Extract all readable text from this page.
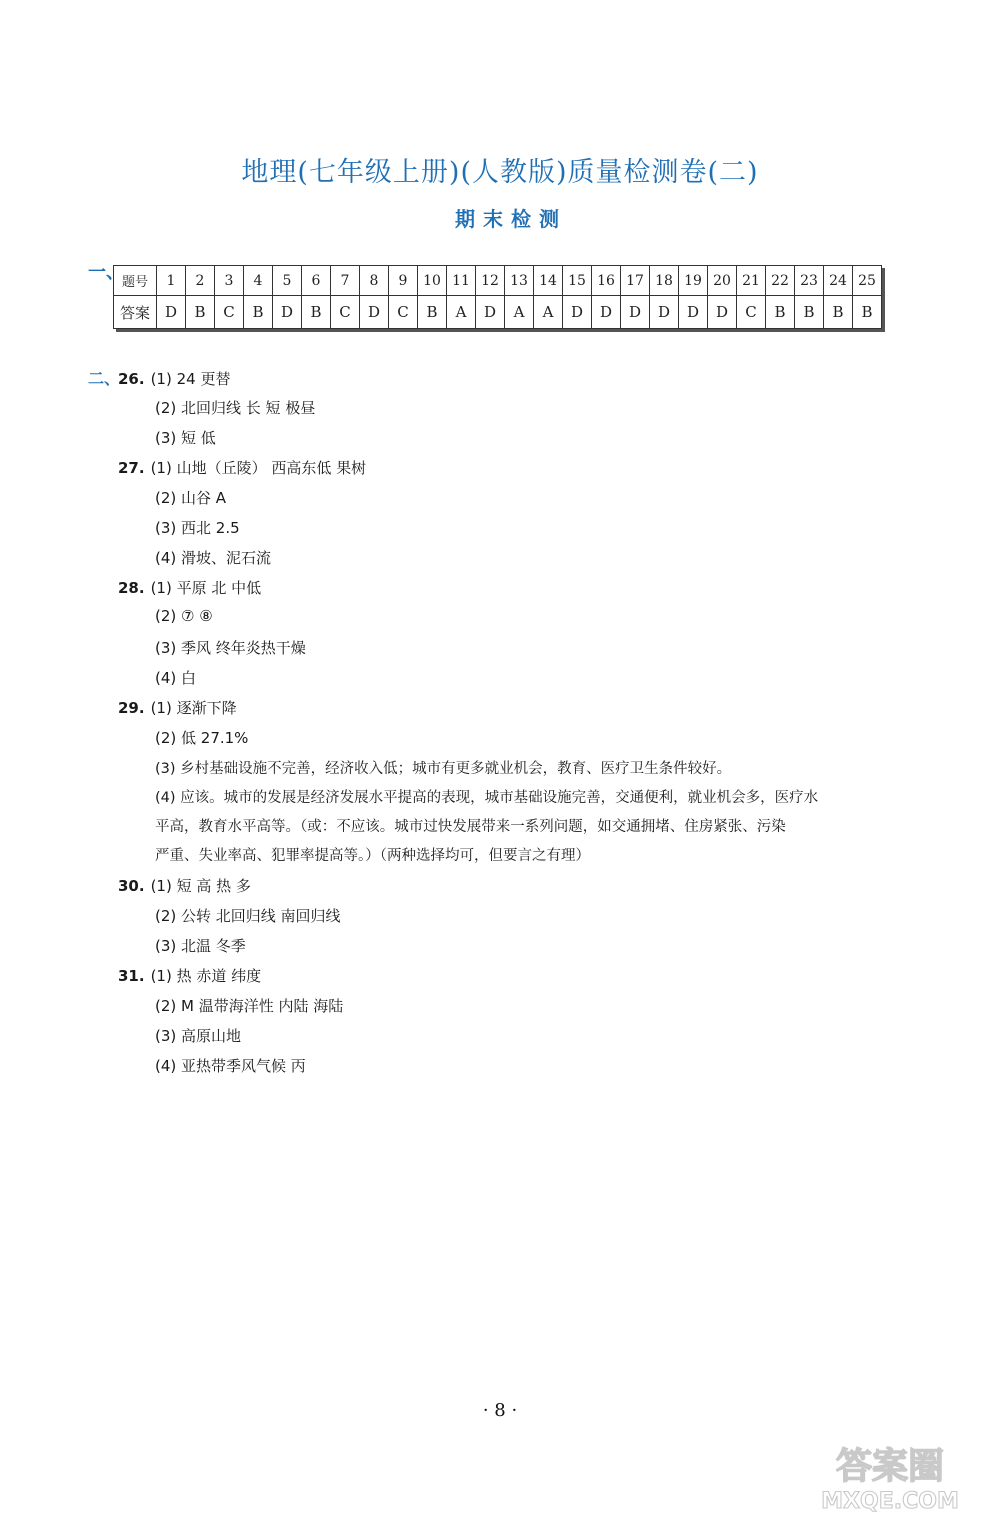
地理(七年级上册)(人教版)质量检测卷(二)
期末检测
一、
题号	1	2	3	4	5	6	7	8	9	10	11	12	13	14	15	16	17	18	19	20	21	22	23	24	25
答案	D	B	C	B	D	B	C	D	C	B	A	D	A	A	D	D	D	D	D	D	C	B	B	B	B
二、
26. (1) 24 更替
(2) 北回归线 长 短 极昼
(3) 短 低
27. (1) 山地（丘陵） 西高东低 果树
(2) 山谷 A
(3) 西北 2.5
(4) 滑坡、泥石流
28. (1) 平原 北 中低
(2) ⑦ ⑧
(3) 季风 终年炎热干燥
(4) 白
29. (1) 逐渐下降
(2) 低 27.1%
(3) 乡村基础设施不完善，经济收入低；城市有更多就业机会，教育、医疗卫生条件较好。
(4) 应该。城市的发展是经济发展水平提高的表现，城市基础设施完善，交通便利，就业机会多，医疗水
平高，教育水平高等。（或：不应该。城市过快发展带来一系列问题，如交通拥堵、住房紧张、污染
严重、失业率高、犯罪率提高等。）（两种选择均可，但要言之有理）
30. (1) 短 高 热 多
(2) 公转 北回归线 南回归线
(3) 北温 冬季
31. (1) 热 赤道 纬度
(2) M 温带海洋性 内陆 海陆
(3) 高原山地
(4) 亚热带季风气候 丙
· 8 ·
答案圈
MXQE.COM
